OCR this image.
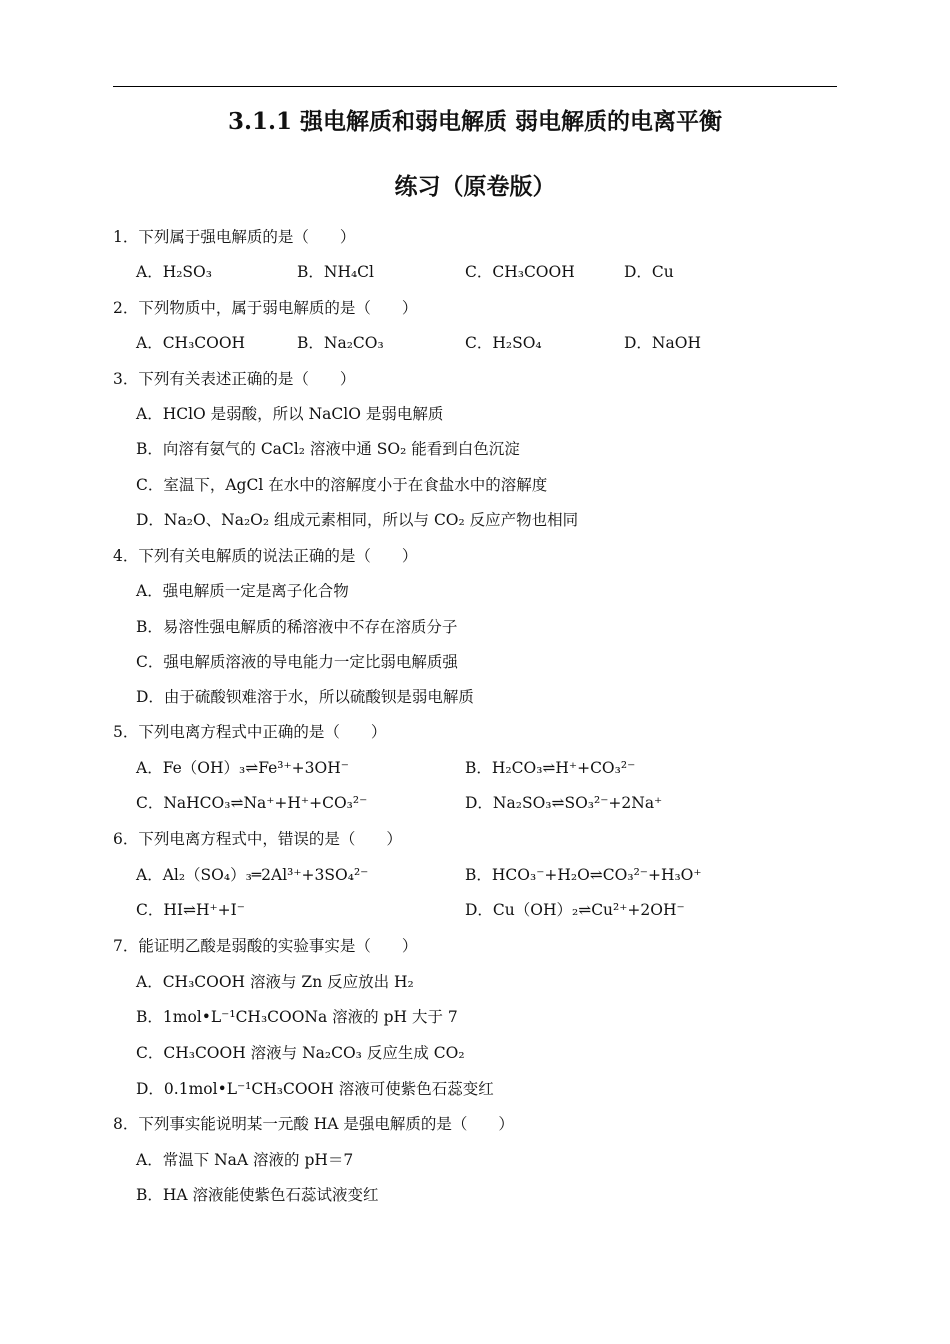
3.1.1 强电解质和弱电解质 弱电解质的电离平衡
练习（原卷版）
1．下列属于强电解质的是（　　）
A．H₂SO₃	B．NH₄Cl	C．CH₃COOH	D．Cu
2．下列物质中，属于弱电解质的是（　　）
A．CH₃COOH	B．Na₂CO₃	C．H₂SO₄	D．NaOH
3．下列有关表述正确的是（　　）
A．HClO 是弱酸，所以 NaClO 是弱电解质
B．向溶有氨气的 CaCl₂ 溶液中通 SO₂ 能看到白色沉淀
C．室温下，AgCl 在水中的溶解度小于在食盐水中的溶解度
D．Na₂O、Na₂O₂ 组成元素相同，所以与 CO₂ 反应产物也相同
4．下列有关电解质的说法正确的是（　　）
A．强电解质一定是离子化合物
B．易溶性强电解质的稀溶液中不存在溶质分子
C．强电解质溶液的导电能力一定比弱电解质强
D．由于硫酸钡难溶于水，所以硫酸钡是弱电解质
5．下列电离方程式中正确的是（　　）
A．Fe（OH）₃⇌Fe³⁺+3OH⁻	B．H₂CO₃⇌H⁺+CO₃²⁻
C．NaHCO₃⇌Na⁺+H⁺+CO₃²⁻	D．Na₂SO₃⇌SO₃²⁻+2Na⁺
6．下列电离方程式中，错误的是（　　）
A．Al₂（SO₄）₃═2Al³⁺+3SO₄²⁻	B．HCO₃⁻+H₂O⇌CO₃²⁻+H₃O⁺
C．HI⇌H⁺+I⁻	D．Cu（OH）₂⇌Cu²⁺+2OH⁻
7．能证明乙酸是弱酸的实验事实是（　　）
A．CH₃COOH 溶液与 Zn 反应放出 H₂
B．1mol•L⁻¹CH₃COONa 溶液的 pH 大于 7
C．CH₃COOH 溶液与 Na₂CO₃ 反应生成 CO₂
D．0.1mol•L⁻¹CH₃COOH 溶液可使紫色石蕊变红
8．下列事实能说明某一元酸 HA 是强电解质的是（　　）
A．常温下 NaA 溶液的 pH＝7
B．HA 溶液能使紫色石蕊试液变红
